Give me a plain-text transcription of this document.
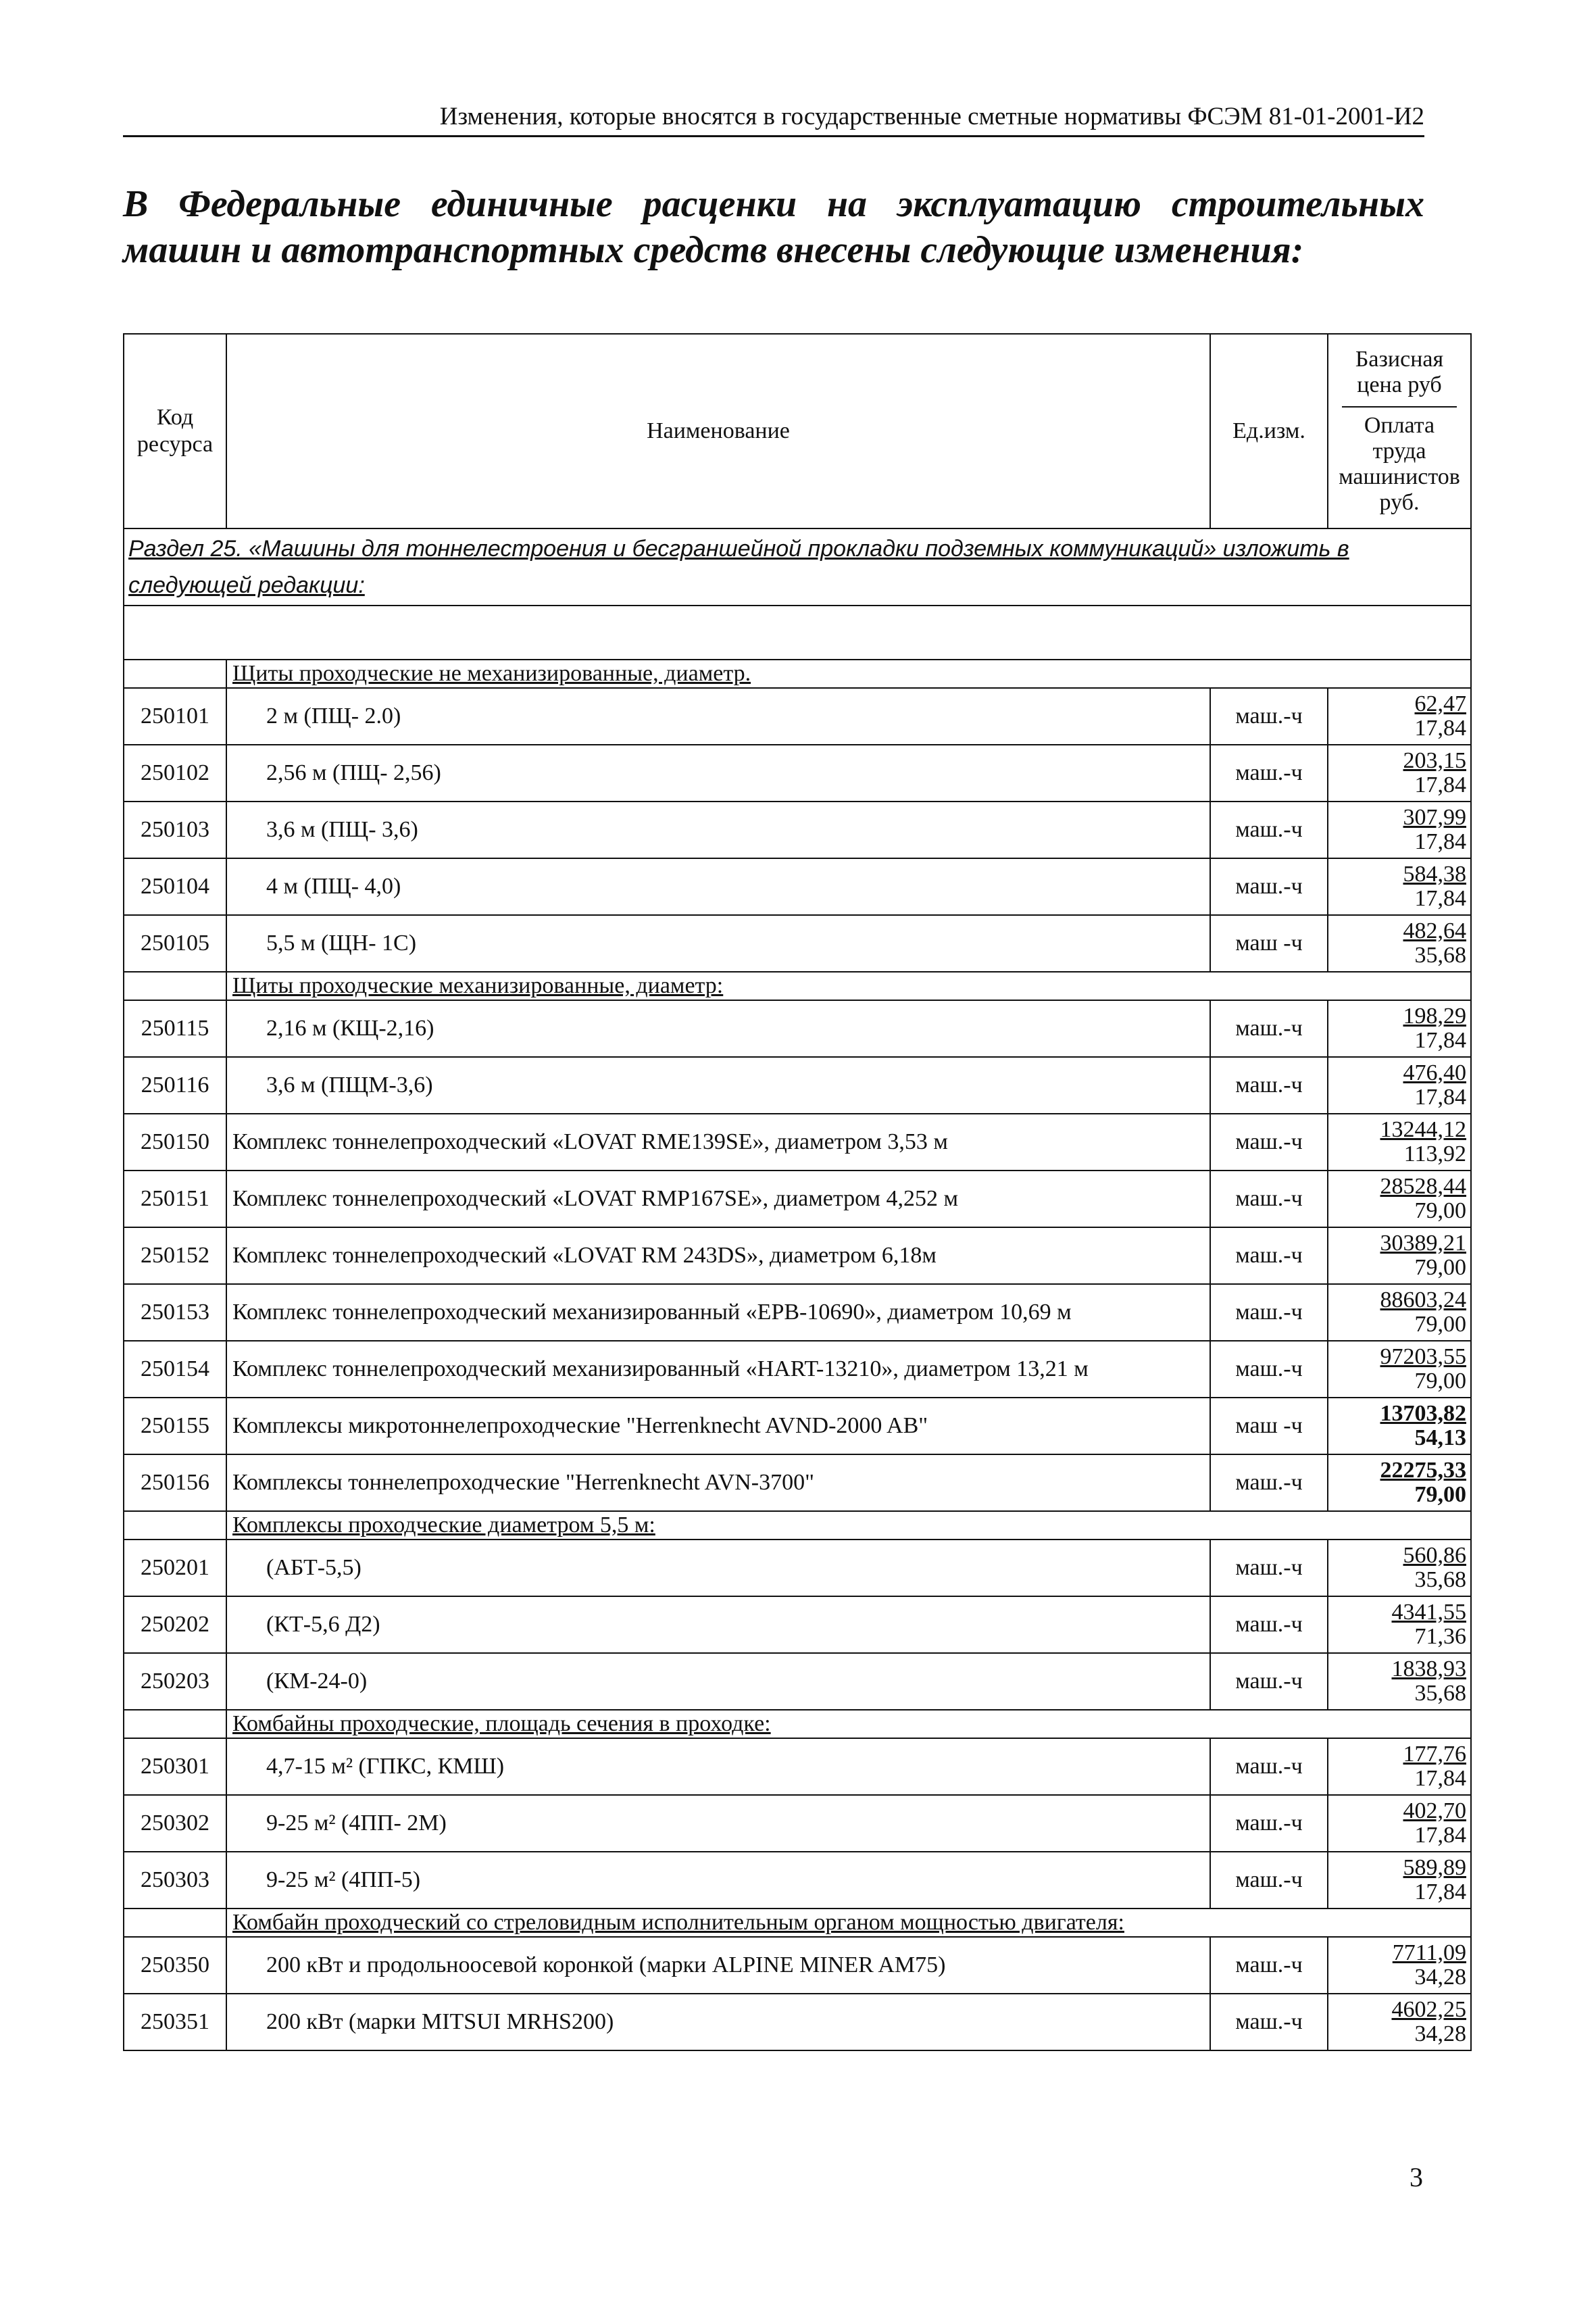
Изменения, которые вносятся в государственные сметные нормативы ФСЭМ 81-01-2001-И2
В Федеральные единичные расценки на эксплуатацию строительных машин и автотранспортных средств внесены следующие изменения:
Код ресурса	Наименование	Ед.изм.	Базисная цена руб
Оплата труда машинистов руб.

Раздел 25. «Машины для тоннелестроения и бесграншейной прокладки подземных коммуникаций» изложить в следующей редакции:			

	Щиты проходческие не механизированные, диаметр.		
250101	2 м (ПЩ- 2.0)	маш.-ч	62,47
17,84

250102	2,56 м (ПЩ- 2,56)	маш.-ч	203,15
17,84

250103	3,6 м (ПЩ- 3,6)	маш.-ч	307,99
17,84

250104	4 м (ПЩ- 4,0)	маш.-ч	584,38
17,84

250105	5,5 м (ЩН- 1С)	маш -ч	482,64
35,68

	Щиты проходческие механизированные, диаметр:		
250115	2,16 м (КЩ-2,16)	маш.-ч	198,29
17,84

250116	3,6 м (ПЩМ-3,6)	маш.-ч	476,40
17,84

250150	Комплекс тоннелепроходческий «LOVAT RME139SE», диаметром 3,53 м	маш.-ч	13244,12
113,92

250151	Комплекс тоннелепроходческий «LOVAT RMP167SE», диаметром 4,252 м	маш.-ч	28528,44
79,00

250152	Комплекс тоннелепроходческий «LOVAT RM 243DS», диаметром 6,18м	маш.-ч	30389,21
79,00

250153	Комплекс тоннелепроходческий механизированный «EPB-10690», диаметром 10,69 м	маш.-ч	88603,24
79,00

250154	Комплекс тоннелепроходческий механизированный «HART-13210», диаметром 13,21 м	маш.-ч	97203,55
79,00

250155	Комплексы микротоннелепроходческие "Herrenknecht AVND-2000 AB"	маш -ч	13703,82
54,13

250156	Комплексы тоннелепроходческие "Herrenknecht AVN-3700"	маш.-ч	22275,33
79,00

	Комплексы проходческие диаметром 5,5 м:		
250201	(АБТ-5,5)	маш.-ч	560,86
35,68

250202	(КТ-5,6 Д2)	маш.-ч	4341,55
71,36

250203	(КМ-24-0)	маш.-ч	1838,93
35,68

	Комбайны проходческие, площадь сечения в проходке:		
250301	4,7-15 м² (ГПКС, КМШ)	маш.-ч	177,76
17,84

250302	9-25 м² (4ПП- 2М)	маш.-ч	402,70
17,84

250303	9-25 м² (4ПП-5)	маш.-ч	589,89
17,84

	Комбайн проходческий со стреловидным исполнительным органом мощностью двигателя:		
250350	200 кВт и продольноосевой коронкой (марки ALPINE MINER AM75)	маш.-ч	7711,09
34,28

250351	200 кВт (марки MITSUI MRHS200)	маш.-ч	4602,25
34,28
3
